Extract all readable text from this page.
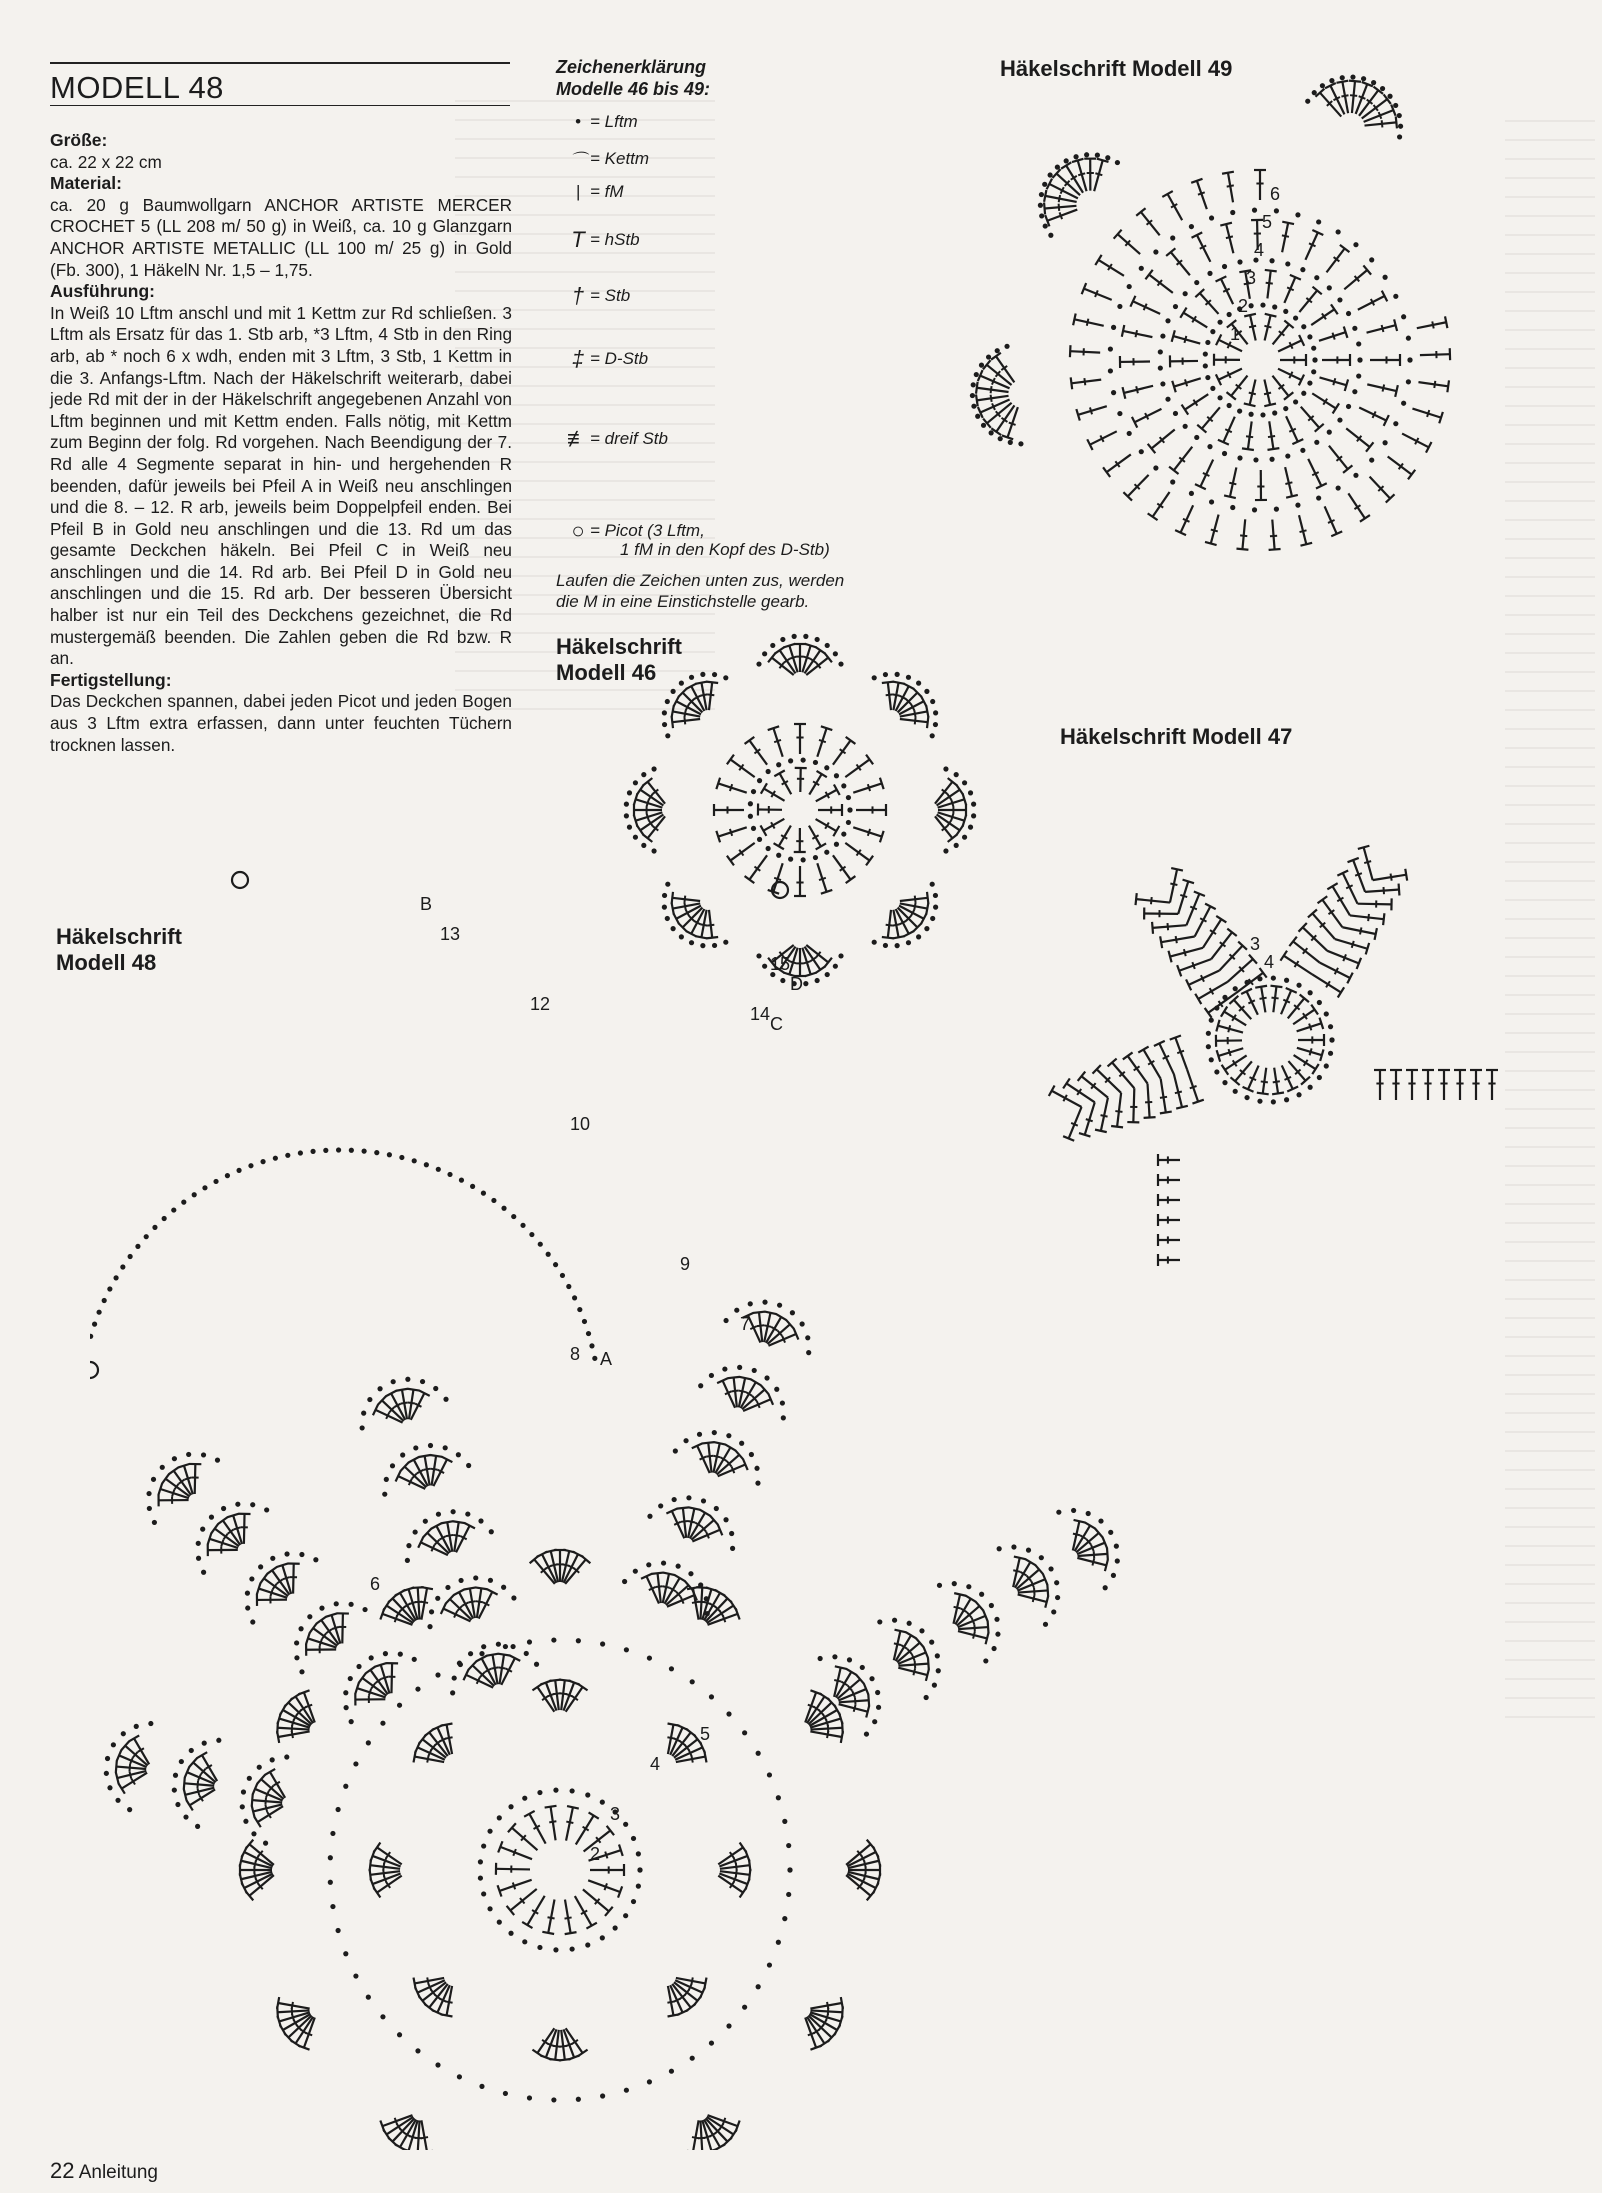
MODELL 48
Größe:

ca. 22 x 22 cm

Material:

ca. 20 g Baumwollgarn ANCHOR ARTISTE MERCER CROCHET 5 (LL 208 m/ 50 g) in Weiß, ca. 10 g Glanzgarn ANCHOR ARTISTE METALLIC (LL 100 m/ 25 g) in Gold (Fb. 300), 1 HäkelN Nr. 1,5 – 1,75.

Ausführung:

In Weiß 10 Lftm anschl und mit 1 Kettm zur Rd schließen. 3 Lftm als Ersatz für das 1. Stb arb, *3 Lftm, 4 Stb in den Ring arb, ab * noch 6 x wdh, enden mit 3 Lftm, 3 Stb, 1 Kettm in die 3. Anfangs-Lftm. Nach der Häkelschrift weiterarb, dabei jede Rd mit der in der Häkelschrift angegebenen Anzahl von Lftm beginnen und mit Kettm enden. Falls nötig, mit Kettm zum Beginn der folg. Rd vorgehen. Nach Beendigung der 7. Rd alle 4 Segmente separat in hin- und hergehenden R beenden, dafür jeweils bei Pfeil A in Weiß neu anschlingen und die 8. – 12. R arb, jeweils beim Doppelpfeil enden. Bei Pfeil B in Gold neu anschlingen und die 13. Rd um das gesamte Deckchen häkeln. Bei Pfeil C in Weiß neu anschlingen und die 14. Rd arb. Bei Pfeil D in Gold neu anschlingen und die 15. Rd arb. Der besseren Übersicht halber ist nur ein Teil des Deckchens gezeichnet, die Rd mustergemäß beenden. Die Zahlen geben die Rd bzw. R an.

Fertigstellung:

Das Deckchen spannen, dabei jeden Picot und jeden Bogen aus 3 Lftm extra erfassen, dann unter feuchten Tüchern trocknen lassen.

Zeichenerklärung
Modelle 46 bis 49:
• = Lftm
⌒ = Kettm
| = fM
T = hStb
† = Stb
‡ = D-Stb
≢ = dreif Stb
○ = Picot (3 Lftm,
1 fM in den Kopf des D-Stb)
Laufen die Zeichen unten zus, werden die M in eine Einstichstelle gearb.
Häkelschrift Modell 49
Häkelschrift
Modell 46
Häkelschrift Modell 47
Häkelschrift
Modell 48
1
2
3
4
5
6
3
4
2
3
4
5
6
7
8
9
10
12
13
14
15
A
B
C
D
22 Anleitung
